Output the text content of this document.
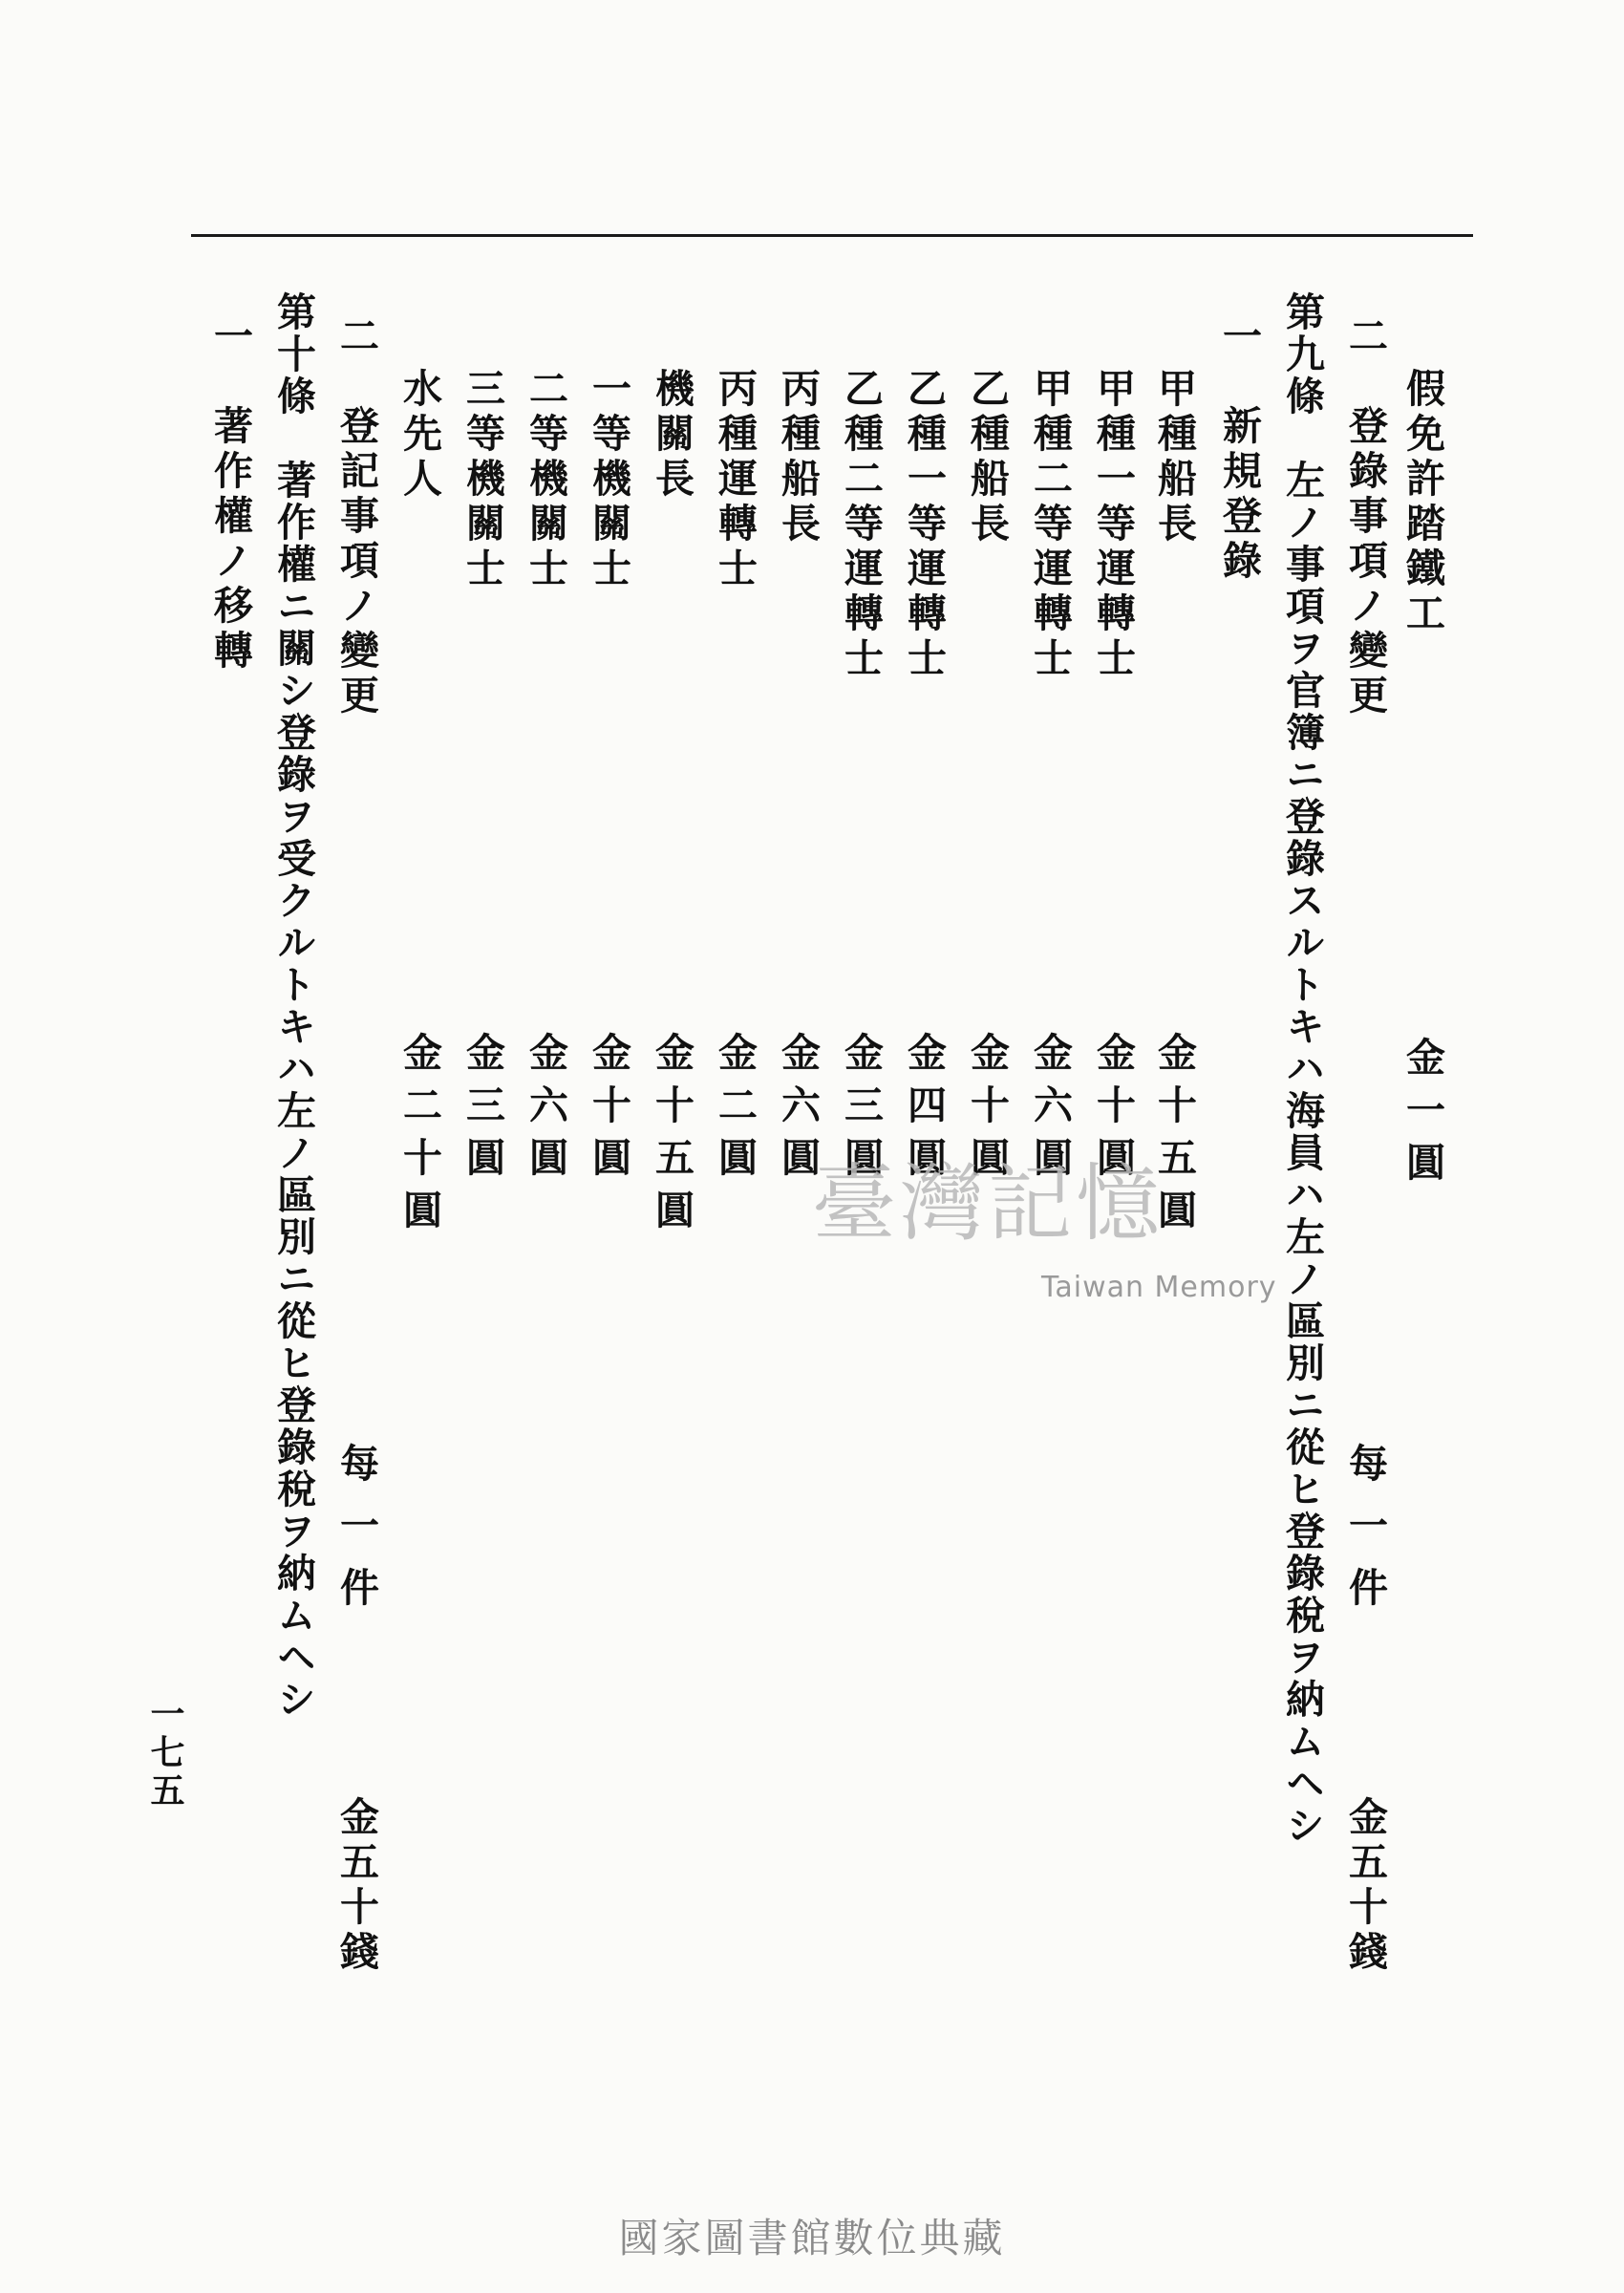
假免許踏鐵工
金一圓
二　登錄事項ノ變更
每一件
金五十錢
第九條　左ノ事項ヲ官簿ニ登錄スルトキハ海員ハ左ノ區別ニ從ヒ登錄稅ヲ納ムヘシ
一　新規登錄
甲種船長
金十五圓
甲種一等運轉士
金十圓
甲種二等運轉士
金六圓
乙種船長
金十圓
乙種一等運轉士
金四圓
乙種二等運轉士
金三圓
丙種船長
金六圓
丙種運轉士
金二圓
機關長
金十五圓
一等機關士
金十圓
二等機關士
金六圓
三等機關士
金三圓
水先人
金二十圓
二　登記事項ノ變更
每一件
金五十錢
第十條　著作權ニ關シ登錄ヲ受クルトキハ左ノ區別ニ從ヒ登錄稅ヲ納ムヘシ
一　著作權ノ移轉
一七五
臺灣記憶
Taiwan Memory
國家圖書館數位典藏
